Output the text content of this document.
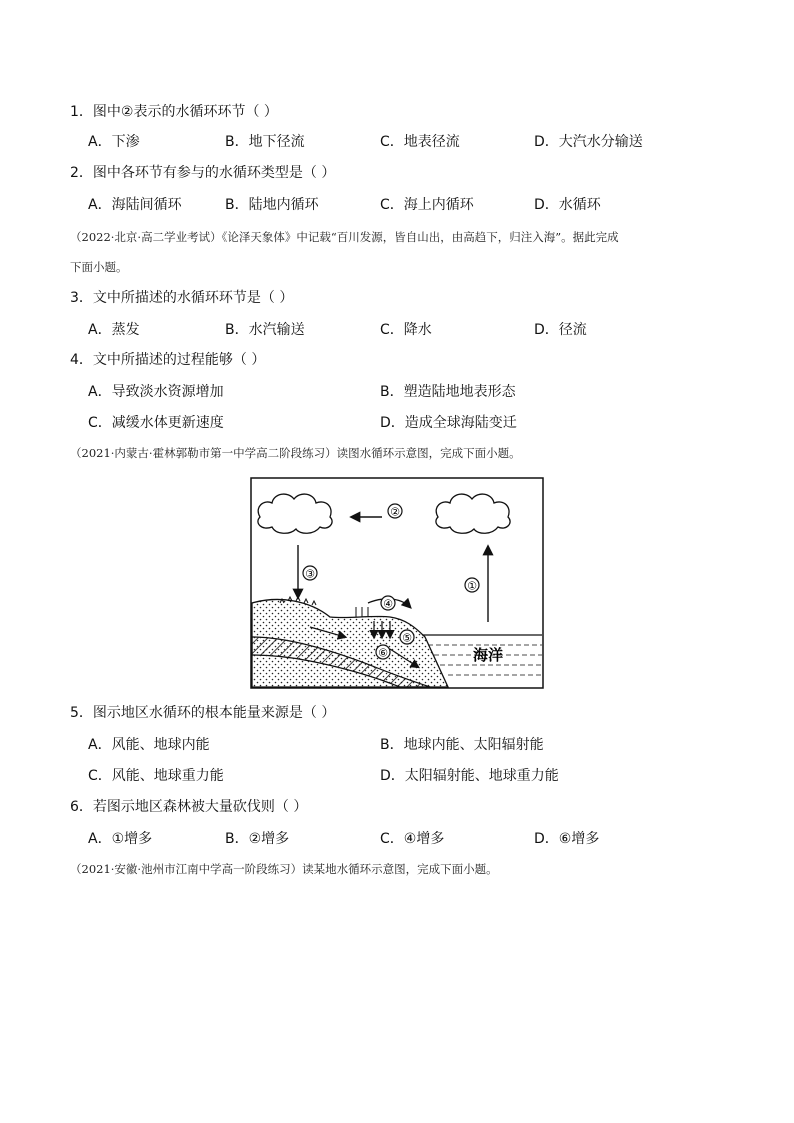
1．图中②表示的水循环环节（ ）
A．下渗	B．地下径流	C．地表径流	D．大汽水分输送
2．图中各环节有参与的水循环类型是（ ）
A．海陆间循环	B．陆地内循环	C．海上内循环	D．水循环
（2022·北京·高二学业考试）《论泽天象体》中记载“百川发源，皆自山出，由高趋下，归注入海”。据此完成
下面小题。
3．文中所描述的水循环环节是（ ）
A．蒸发	B．水汽输送	C．降水	D．径流
4．文中所描述的过程能够（ ）
A．导致淡水资源增加	B．塑造陆地地表形态
C．减缓水体更新速度	D．造成全球海陆变迁
（2021·内蒙古·霍林郭勒市第一中学高二阶段练习）读图水循环示意图，完成下面小题。
②
③
①
海洋
④
⑤
⑥
5．图示地区水循环的根本能量来源是（ ）
A．风能、地球内能	B．地球内能、太阳辐射能
C．风能、地球重力能	D．太阳辐射能、地球重力能
6．若图示地区森林被大量砍伐则（ ）
A．①增多	B．②增多	C．④增多	D．⑥增多
（2021·安徽·池州市江南中学高一阶段练习）读某地水循环示意图，完成下面小题。
